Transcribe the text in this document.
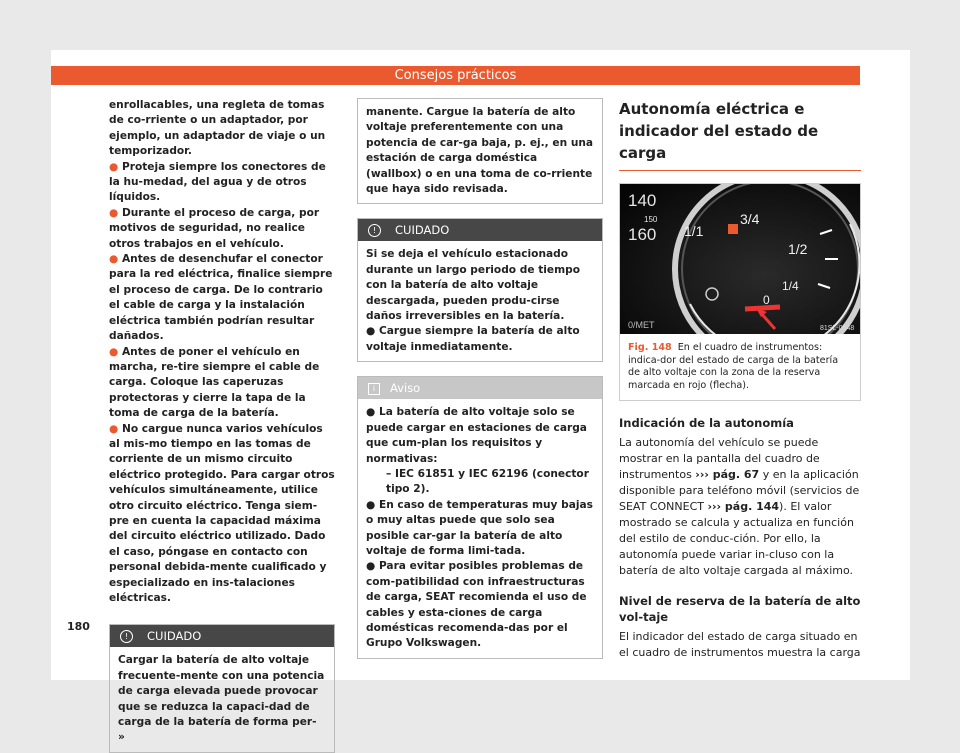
Consejos prácticos

enrollacables, una regleta de tomas de co-rriente o un adaptador, por ejemplo, un adaptador de viaje o un temporizador.

● Proteja siempre los conectores de la hu-medad, del agua y de otros líquidos.

● Durante el proceso de carga, por motivos de seguridad, no realice otros trabajos en el vehículo.

● Antes de desenchufar el conector para la red eléctrica, finalice siempre el proceso de carga. De lo contrario el cable de carga y la instalación eléctrica también podrían resultar dañados.

● Antes de poner el vehículo en marcha, re-tire siempre el cable de carga. Coloque las caperuzas protectoras y cierre la tapa de la toma de carga de la batería.

● No cargue nunca varios vehículos al mis-mo tiempo en las tomas de corriente de un mismo circuito eléctrico protegido. Para cargar otros vehículos simultáneamente, utilice otro circuito eléctrico. Tenga siem-pre en cuenta la capacidad máxima del circuito eléctrico utilizado. Dado el caso, póngase en contacto con personal debida-mente cualificado y especializado en ins-talaciones eléctricas.

! CUIDADO
Cargar la batería de alto voltaje frecuente-mente con una potencia de carga elevada puede provocar que se reduzca la capaci-dad de carga de la batería de forma per- »
manente. Cargue la batería de alto voltaje preferentemente con una potencia de car-ga baja, p. ej., en una estación de carga doméstica (wallbox) o en una toma de co-rriente que haya sido revisada.
! CUIDADO

Si se deja el vehículo estacionado durante un largo periodo de tiempo con la batería de alto voltaje descargada, pueden produ-cirse daños irreversibles en la batería.

● Cargue siempre la batería de alto voltaje inmediatamente.

i Aviso

● La batería de alto voltaje solo se puede cargar en estaciones de carga que cum-plan los requisitos y normativas:

– IEC 61851 y IEC 62196 (conector tipo 2).

● En caso de temperaturas muy bajas o muy altas puede que solo sea posible car-gar la batería de alto voltaje de forma limi-tada.

● Para evitar posibles problemas de com-patibilidad con infraestructuras de carga, SEAT recomienda el uso de cables y esta-ciones de carga domésticas recomenda-das por el Grupo Volkswagen.

Autonomía eléctrica e indicador del estado de carga
140
150
160 1/1
3/4
1/2
1/4
0
0/MET	81SL-0548
Fig. 148 En el cuadro de instrumentos: indica-dor del estado de carga de la batería de alto voltaje con la zona de la reserva marcada en rojo (flecha).
Indicación de la autonomía
La autonomía del vehículo se puede mostrar en la pantalla del cuadro de instrumentos ››› pág. 67 y en la aplicación disponible para teléfono móvil (servicios de SEAT CONNECT ››› pág. 144). El valor mostrado se calcula y actualiza en función del estilo de conduc-ción. Por ello, la autonomía puede variar in-cluso con la batería de alto voltaje cargada al máximo.
Nivel de reserva de la batería de alto vol-taje
El indicador del estado de carga situado en el cuadro de instrumentos muestra la carga
180
